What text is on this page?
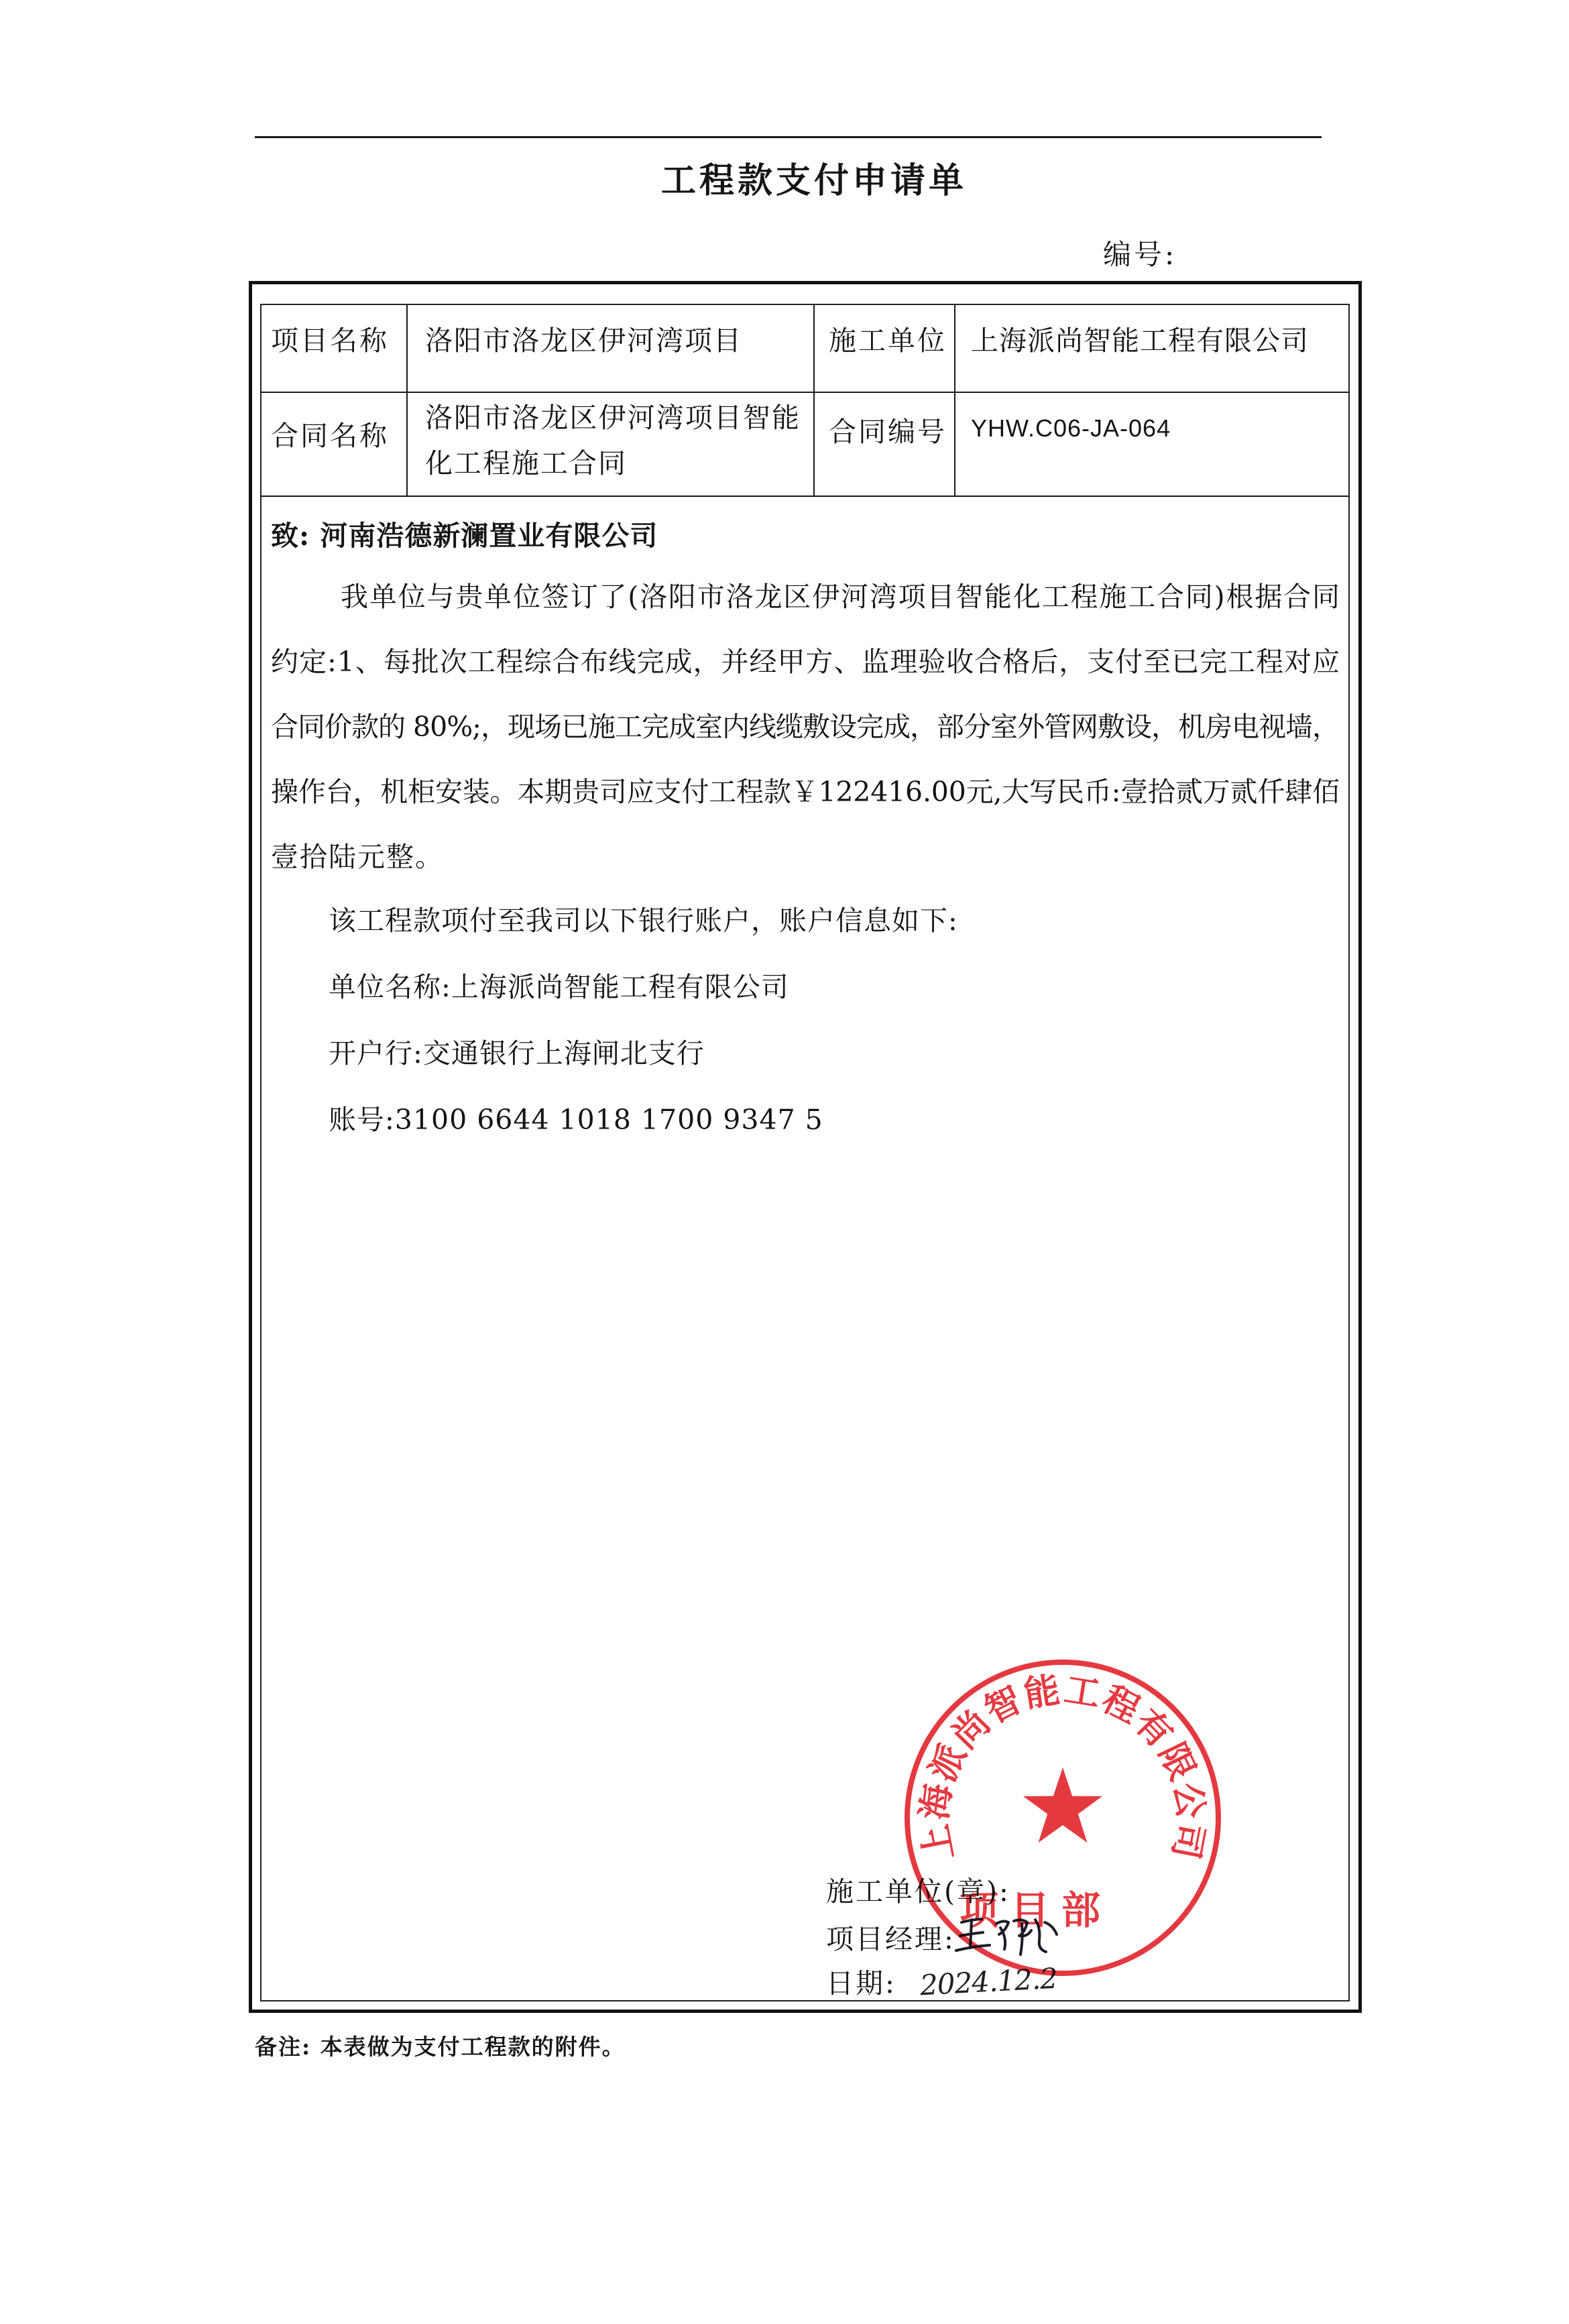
工程款支付申请单
编号:
项目名称 洛阳市洛龙区伊河湾项目	施工单位 上海派尚智能工程有限公司
合同名称
洛阳市洛龙区伊河湾项目智能
化工程施工合同
合同编号 YHW.C06-JA-064
致: 河南浩德新澜置业有限公司
我单位与贵单位签订了(洛阳市洛龙区伊河湾项目智能化工程施工合同)根据合同
约定:1、每批次工程综合布线完成，并经甲方、监理验收合格后，支付至已完工程对应
合同价款的 80%;，现场已施工完成室内线缆敷设完成，部分室外管网敷设，机房电视墙，
操作台，机柜安装。本期贵司应支付工程款￥122416.00元,大写民币:壹拾贰万贰仟肆佰
壹拾陆元整。
该工程款项付至我司以下银行账户，账户信息如下:
单位名称:上海派尚智能工程有限公司
开户行:交通银行上海闸北支行
账号:3100 6644 1018 1700 9347 5
施工单位(章):
项目经理:
日期: 2024.12.2
上海派尚智能工程有限公司
项目部
备注: 本表做为支付工程款的附件。
